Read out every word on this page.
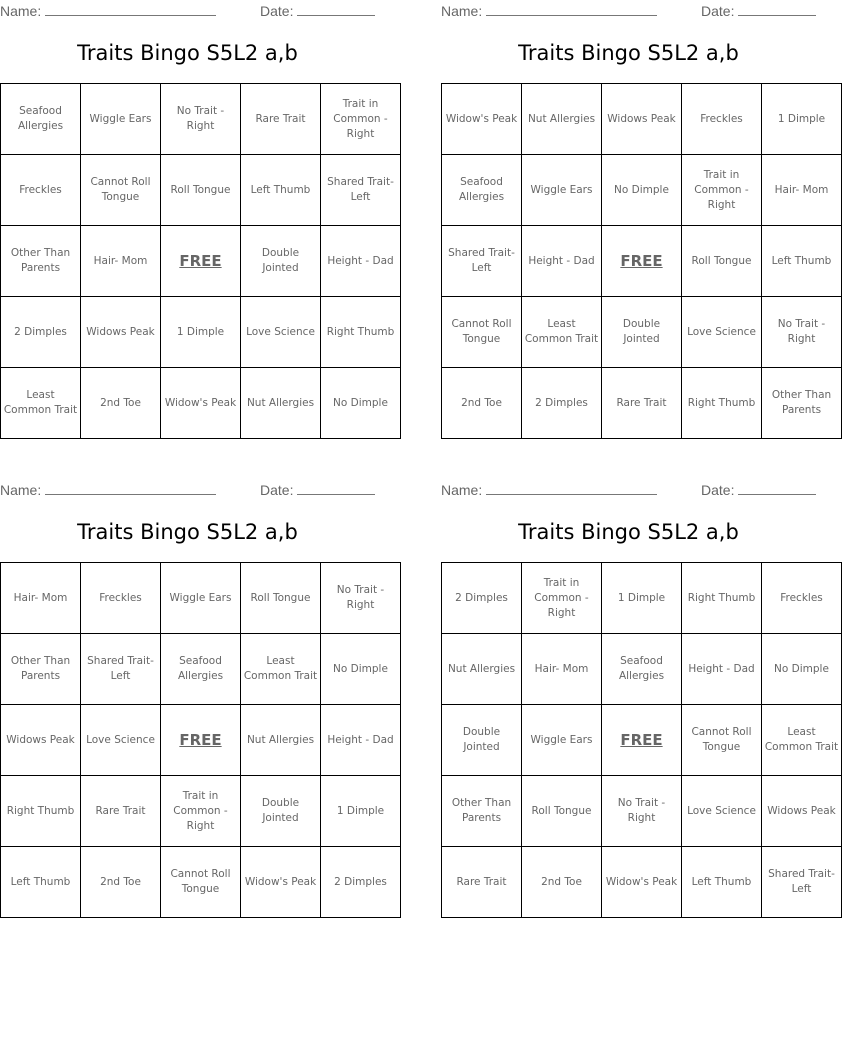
Name:	Date:
Traits Bingo S5L2 a,b
Seafood Allergies	Wiggle Ears	No Trait - Right	Rare Trait	Trait in Common - Right
Freckles	Cannot Roll Tongue	Roll Tongue	Left Thumb	Shared Trait-Left
Other Than Parents	Hair- Mom	FREE	Double Jointed	Height - Dad
2 Dimples	Widows Peak	1 Dimple	Love Science	Right Thumb
Least Common Trait	2nd Toe	Widow's Peak	Nut Allergies	No Dimple
Name:	Date:
Traits Bingo S5L2 a,b
Widow's Peak	Nut Allergies	Widows Peak	Freckles	1 Dimple
Seafood Allergies	Wiggle Ears	No Dimple	Trait in Common - Right	Hair- Mom
Shared Trait-Left	Height - Dad	FREE	Roll Tongue	Left Thumb
Cannot Roll Tongue	Least Common Trait	Double Jointed	Love Science	No Trait - Right
2nd Toe	2 Dimples	Rare Trait	Right Thumb	Other Than Parents
Name:	Date:
Traits Bingo S5L2 a,b
Hair- Mom	Freckles	Wiggle Ears	Roll Tongue	No Trait - Right
Other Than Parents	Shared Trait-Left	Seafood Allergies	Least Common Trait	No Dimple
Widows Peak	Love Science	FREE	Nut Allergies	Height - Dad
Right Thumb	Rare Trait	Trait in Common - Right	Double Jointed	1 Dimple
Left Thumb	2nd Toe	Cannot Roll Tongue	Widow's Peak	2 Dimples
Name:	Date:
Traits Bingo S5L2 a,b
2 Dimples	Trait in Common - Right	1 Dimple	Right Thumb	Freckles
Nut Allergies	Hair- Mom	Seafood Allergies	Height - Dad	No Dimple
Double Jointed	Wiggle Ears	FREE	Cannot Roll Tongue	Least Common Trait
Other Than Parents	Roll Tongue	No Trait - Right	Love Science	Widows Peak
Rare Trait	2nd Toe	Widow's Peak	Left Thumb	Shared Trait-Left
